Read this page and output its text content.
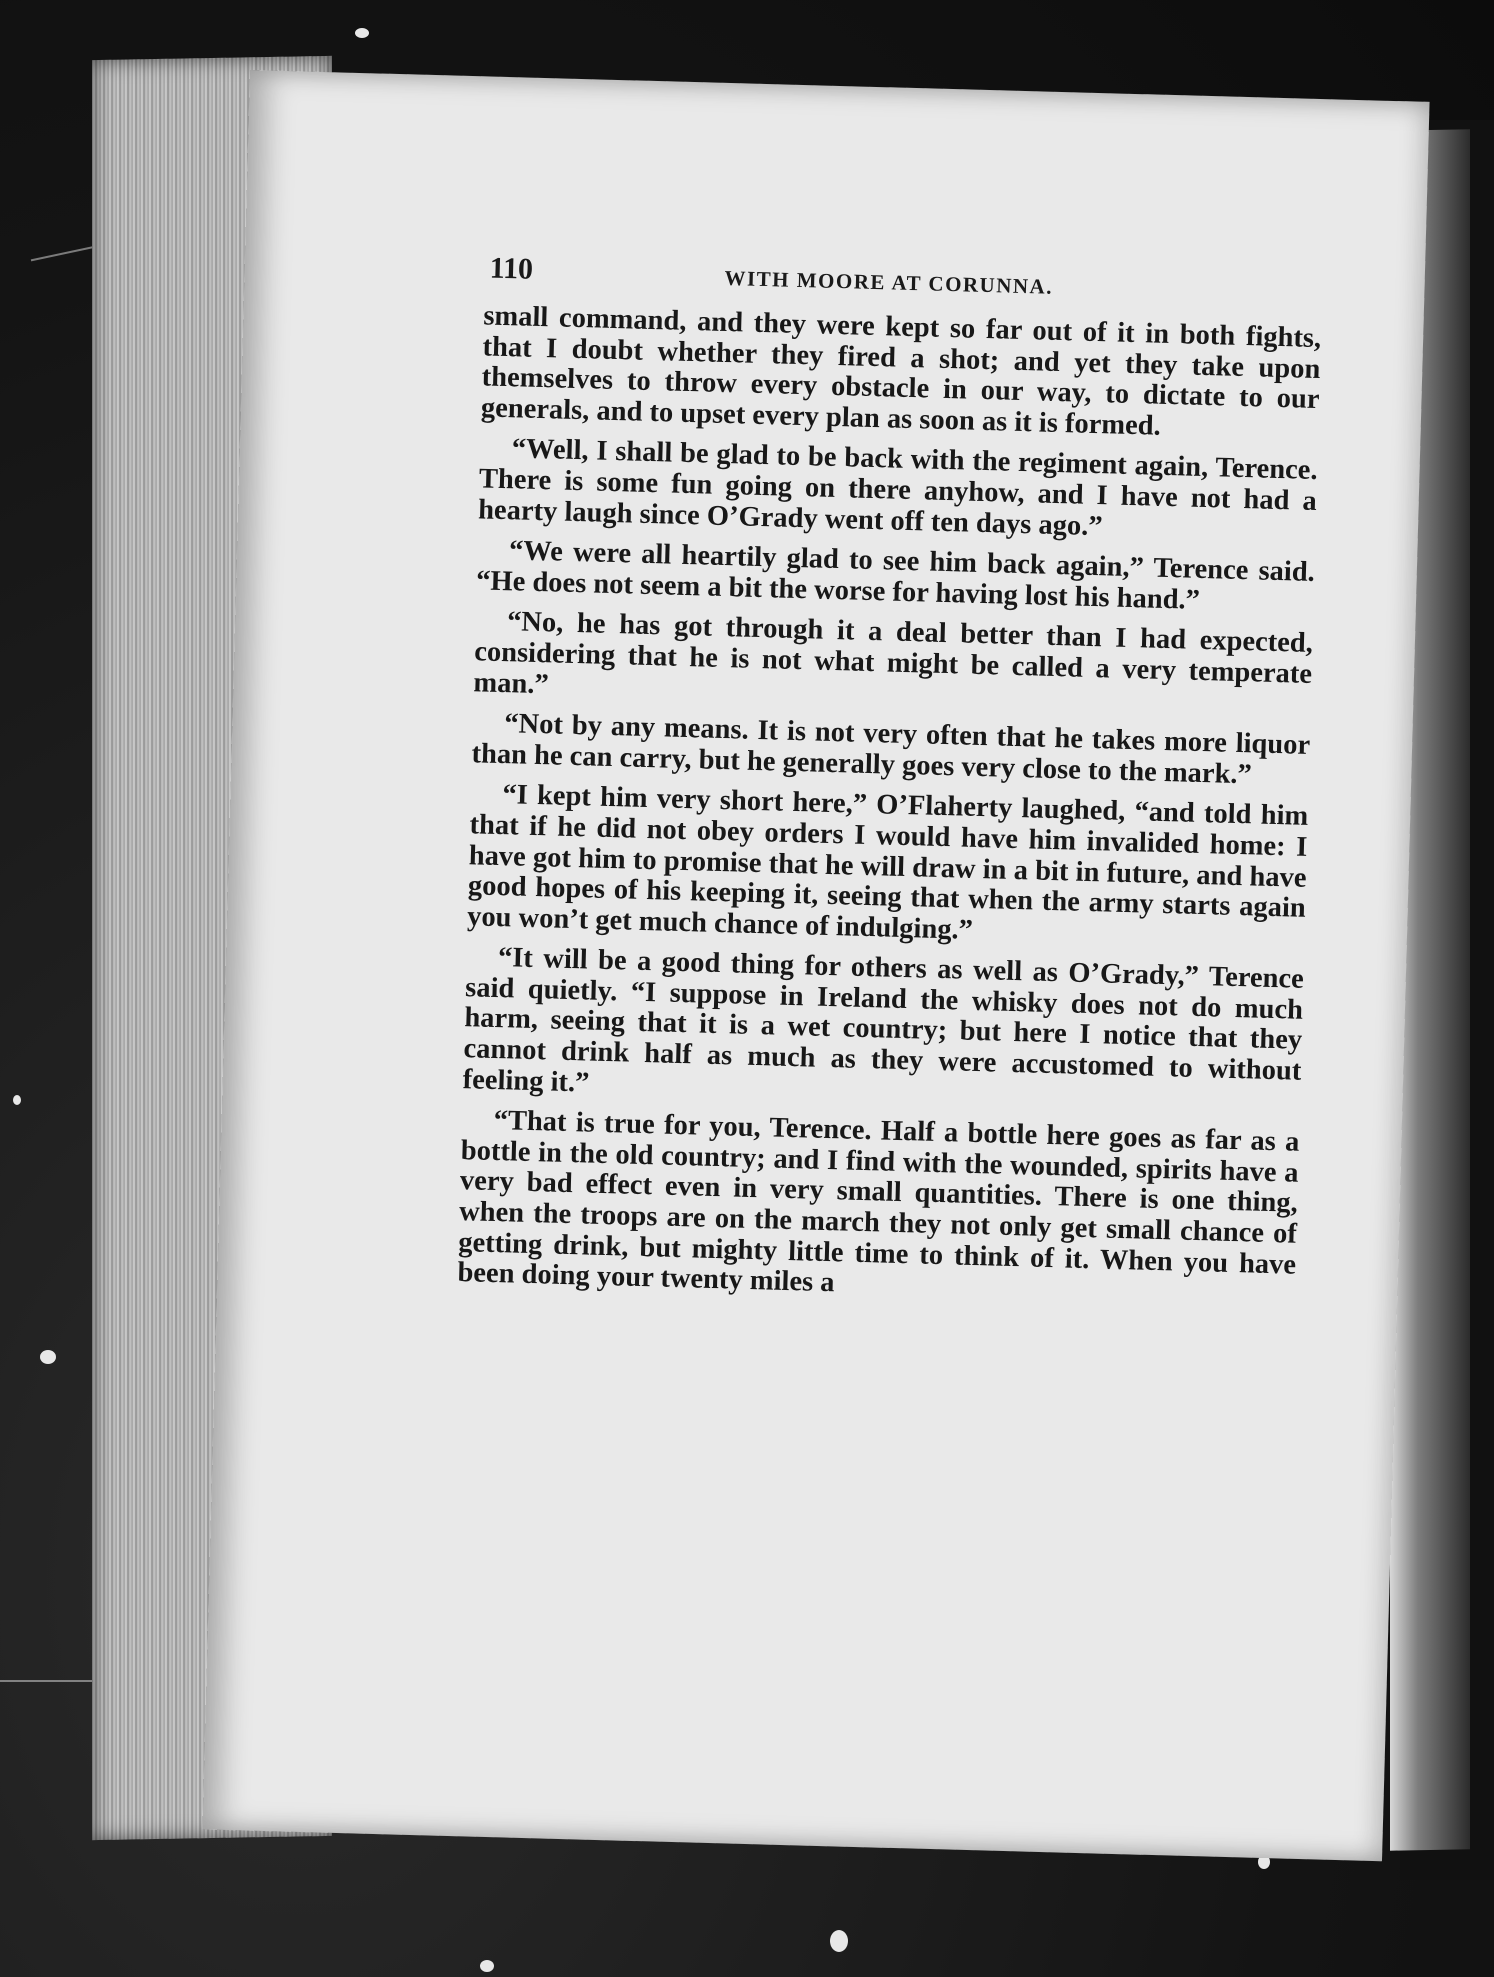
110	WITH MOORE AT CORUNNA.

small command, and they were kept so far out of it in both fights, that I doubt whether they fired a shot; and yet they take upon themselves to throw every obstacle in our way, to dictate to our generals, and to upset every plan as soon as it is formed.

“Well, I shall be glad to be back with the regiment again, Terence. There is some fun going on there anyhow, and I have not had a hearty laugh since O’Grady went off ten days ago.”

“We were all heartily glad to see him back again,” Terence said. “He does not seem a bit the worse for having lost his hand.”

“No, he has got through it a deal better than I had expected, considering that he is not what might be called a very temperate man.”

“Not by any means. It is not very often that he takes more liquor than he can carry, but he generally goes very close to the mark.”

“I kept him very short here,” O’Flaherty laughed, “and told him that if he did not obey orders I would have him invalided home: I have got him to promise that he will draw in a bit in future, and have good hopes of his keeping it, seeing that when the army starts again you won’t get much chance of indulging.”

“It will be a good thing for others as well as O’Grady,” Terence said quietly. “I suppose in Ireland the whisky does not do much harm, seeing that it is a wet country; but here I notice that they cannot drink half as much as they were accustomed to without feeling it.”

“That is true for you, Terence. Half a bottle here goes as far as a bottle in the old country; and I find with the wounded, spirits have a very bad effect even in very small quantities. There is one thing, when the troops are on the march they not only get small chance of getting drink, but mighty little time to think of it. When you have been doing your twenty miles a
